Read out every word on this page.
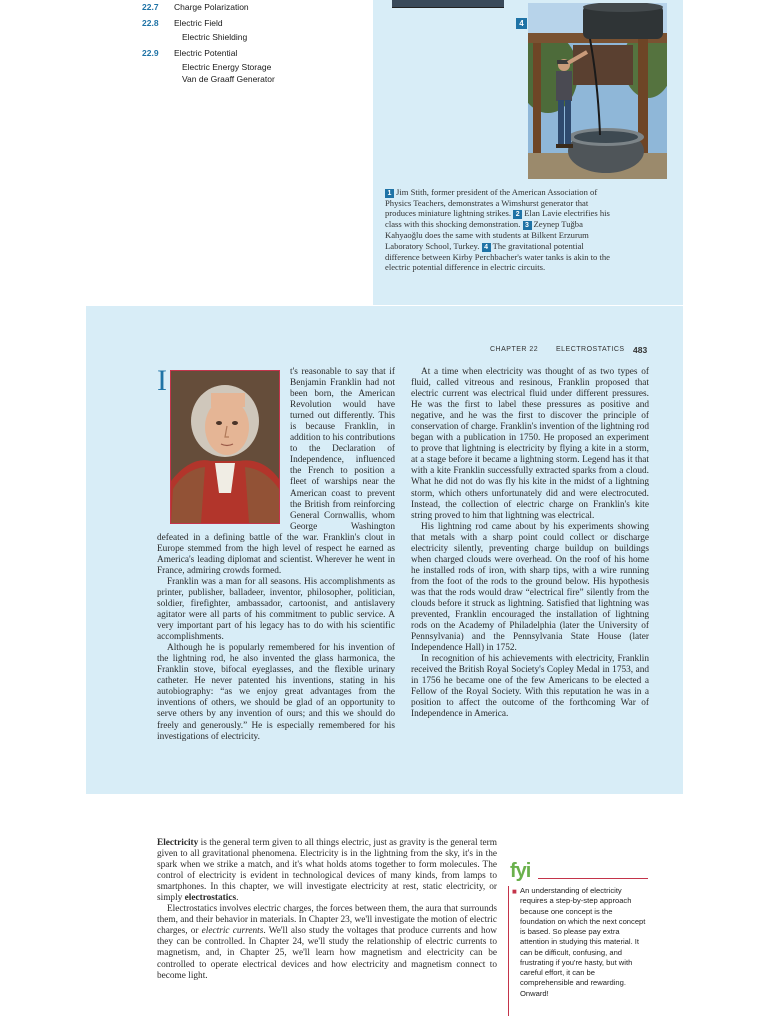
22.7 Charge Polarization
22.8 Electric Field
Electric Shielding
22.9 Electric Potential
Electric Energy Storage
Van de Graaff Generator
4
1 Jim Stith, former president of the American Association of Physics Teachers, demonstrates a Wimshurst generator that produces miniature lightning strikes. 2 Elan Lavie electrifies his class with this shocking demonstration. 3 Zeynep Tuğba Kahyaoğlu does the same with students at Bilkent Erzurum Laboratory School, Turkey. 4 The gravitational potential difference between Kirby Perchbacher's water tanks is akin to the electric potential difference in electric circuits.
CHAPTER 22	ELECTROSTATICS 483

I	t's reasonable to say that if Benjamin Franklin had not been born, the American Revolution would have turned out differently. This is because Franklin, in addition to his contributions to the Declaration of Independence, influenced the French to position a fleet of warships near the American coast to prevent the British from reinforcing General Cornwallis, whom George Washington defeated in a defining battle of the war. Franklin's clout in Europe stemmed from the high level of respect he earned as America's leading diplomat and scientist. Wherever he went in France, admiring crowds formed.

Franklin was a man for all seasons. His accomplishments as printer, publisher, balladeer, inventor, philosopher, politician, soldier, firefighter, ambassador, cartoonist, and antislavery agitator were all parts of his commitment to public service. A very important part of his legacy has to do with his scientific accomplishments.

Although he is popularly remembered for his invention of the lightning rod, he also invented the glass harmonica, the Franklin stove, bifocal eyeglasses, and the flexible urinary catheter. He never patented his inventions, stating in his autobiography: “as we enjoy great advantages from the inventions of others, we should be glad of an opportunity to serve others by any invention of ours; and this we should do freely and generously.” He is especially remembered for his investigations of electricity.

At a time when electricity was thought of as two types of fluid, called vitreous and resinous, Franklin proposed that electric current was electrical fluid under different pressures. He was the first to label these pressures as positive and negative, and he was the first to discover the principle of conservation of charge. Franklin's invention of the lightning rod began with a publication in 1750. He proposed an experiment to prove that lightning is electricity by flying a kite in a storm, at a stage before it became a lightning storm. Legend has it that with a kite Franklin successfully extracted sparks from a cloud. What he did not do was fly his kite in the midst of a lightning storm, which others unfortunately did and were electrocuted. Instead, the collection of electric charge on Franklin's kite string proved to him that lightning was electrical.

His lightning rod came about by his experiments showing that metals with a sharp point could collect or discharge electricity silently, preventing charge buildup on buildings when charged clouds were overhead. On the roof of his home he installed rods of iron, with sharp tips, with a wire running from the foot of the rods to the ground below. His hypothesis was that the rods would draw “electrical fire” silently from the clouds before it struck as lightning. Satisfied that lightning was prevented, Franklin encouraged the installation of lightning rods on the Academy of Philadelphia (later the University of Pennsylvania) and the Pennsylvania State House (later Independence Hall) in 1752.

In recognition of his achievements with electricity, Franklin received the British Royal Society's Copley Medal in 1753, and in 1756 he became one of the few Americans to be elected a Fellow of the Royal Society. With this reputation he was in a position to affect the outcome of the forthcoming War of Independence in America.

Electricity is the general term given to all things electric, just as gravity is the general term given to all gravitational phenomena. Electricity is in the lightning from the sky, it's in the spark when we strike a match, and it's what holds atoms together to form molecules. The control of electricity is evident in technological devices of many kinds, from lamps to smartphones. In this chapter, we will investigate electricity at rest, static electricity, or simply electrostatics.

Electrostatics involves electric charges, the forces between them, the aura that surrounds them, and their behavior in materials. In Chapter 23, we'll investigate the motion of electric charges, or electric currents. We'll also study the voltages that produce currents and how they can be controlled. In Chapter 24, we'll study the relationship of electric currents to magnetism, and, in Chapter 25, we'll learn how magnetism and electricity can be controlled to operate electrical devices and how electricity and magnetism connect to become light.

fyi
■ An understanding of electricity requires a step-by-step approach because one concept is the foundation on which the next concept is based. So please pay extra attention in studying this material. It can be difficult, confusing, and frustrating if you're hasty, but with careful effort, it can be comprehensible and rewarding. Onward!
